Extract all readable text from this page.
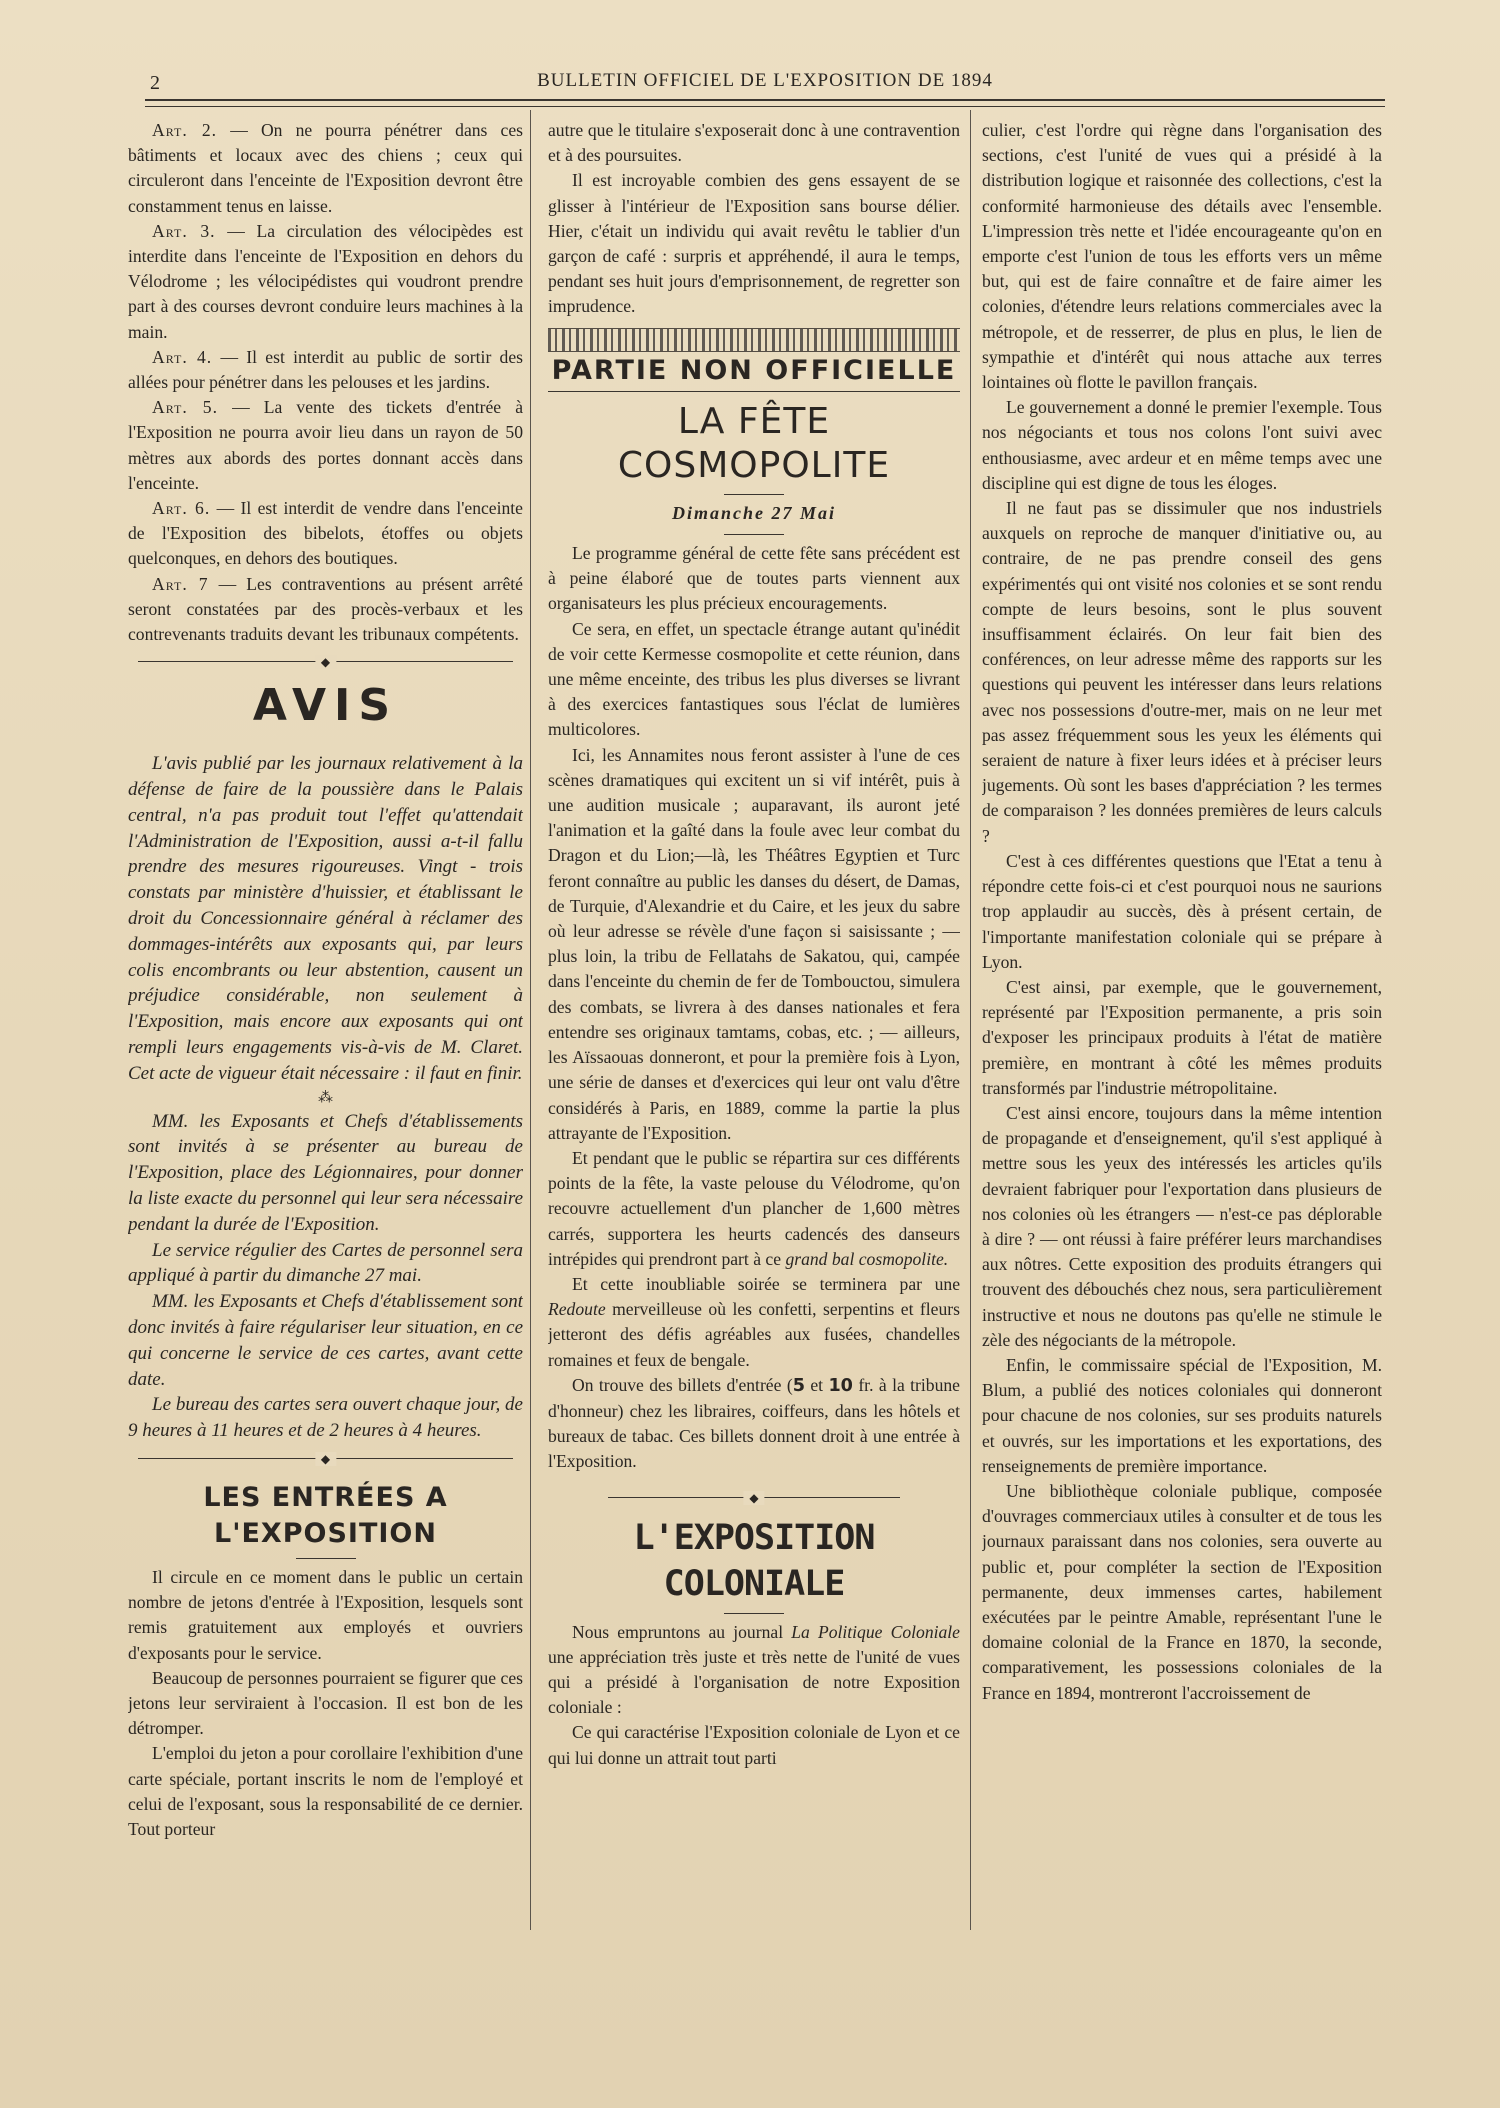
2	BULLETIN OFFICIEL DE L'EXPOSITION DE 1894

Art. 2. — On ne pourra pénétrer dans ces bâtiments et locaux avec des chiens ; ceux qui circuleront dans l'enceinte de l'Exposition devront être constamment tenus en laisse.

Art. 3. — La circulation des vélocipèdes est interdite dans l'enceinte de l'Exposition en dehors du Vélodrome ; les vélocipédistes qui voudront prendre part à des courses devront conduire leurs machines à la main.

Art. 4. — Il est interdit au public de sortir des allées pour pénétrer dans les pelouses et les jardins.

Art. 5. — La vente des tickets d'entrée à l'Exposition ne pourra avoir lieu dans un rayon de 50 mètres aux abords des portes donnant accès dans l'enceinte.

Art. 6. — Il est interdit de vendre dans l'enceinte de l'Exposition des bibelots, étoffes ou objets quelconques, en dehors des boutiques.

Art. 7 — Les contraventions au présent arrêté seront constatées par des procès-verbaux et les contrevenants traduits devant les tribunaux compétents.

◆
AVIS

L'avis publié par les journaux relativement à la défense de faire de la poussière dans le Palais central, n'a pas produit tout l'effet qu'attendait l'Administration de l'Exposition, aussi a-t-il fallu prendre des mesures rigoureuses. Vingt - trois constats par ministère d'huissier, et établissant le droit du Concessionnaire général à réclamer des dommages-intérêts aux exposants qui, par leurs colis encombrants ou leur abstention, causent un préjudice considérable, non seulement à l'Exposition, mais encore aux exposants qui ont rempli leurs engagements vis-à-vis de M. Claret. Cet acte de vigueur était nécessaire : il faut en finir.

⁂

MM. les Exposants et Chefs d'établissements sont invités à se présenter au bureau de l'Exposition, place des Légionnaires, pour donner la liste exacte du personnel qui leur sera nécessaire pendant la durée de l'Exposition.

Le service régulier des Cartes de personnel sera appliqué à partir du dimanche 27 mai.

MM. les Exposants et Chefs d'établissement sont donc invités à faire régulariser leur situation, en ce qui concerne le service de ces cartes, avant cette date.

Le bureau des cartes sera ouvert chaque jour, de 9 heures à 11 heures et de 2 heures à 4 heures.

◆
LES ENTRÉES A L'EXPOSITION

Il circule en ce moment dans le public un certain nombre de jetons d'entrée à l'Exposition, lesquels sont remis gratuitement aux employés et ouvriers d'exposants pour le service.

Beaucoup de personnes pourraient se figurer que ces jetons leur serviraient à l'occasion. Il est bon de les détromper.

L'emploi du jeton a pour corollaire l'exhibition d'une carte spéciale, portant inscrits le nom de l'employé et celui de l'exposant, sous la responsabilité de ce dernier. Tout porteur

autre que le titulaire s'exposerait donc à une contravention et à des poursuites.

Il est incroyable combien des gens essayent de se glisser à l'intérieur de l'Exposition sans bourse délier. Hier, c'était un individu qui avait revêtu le tablier d'un garçon de café : surpris et appréhendé, il aura le temps, pendant ses huit jours d'emprisonnement, de regretter son imprudence.

PARTIE NON OFFICIELLE
LA FÊTE COSMOPOLITE
Dimanche 27 Mai

Le programme général de cette fête sans précédent est à peine élaboré que de toutes parts viennent aux organisateurs les plus précieux encouragements.

Ce sera, en effet, un spectacle étrange autant qu'inédit de voir cette Kermesse cosmopolite et cette réunion, dans une même enceinte, des tribus les plus diverses se livrant à des exercices fantastiques sous l'éclat de lumières multicolores.

Ici, les Annamites nous feront assister à l'une de ces scènes dramatiques qui excitent un si vif intérêt, puis à une audition musicale ; auparavant, ils auront jeté l'animation et la gaîté dans la foule avec leur combat du Dragon et du Lion;—là, les Théâtres Egyptien et Turc feront connaître au public les danses du désert, de Damas, de Turquie, d'Alexandrie et du Caire, et les jeux du sabre où leur adresse se révèle d'une façon si saisissante ; — plus loin, la tribu de Fellatahs de Sakatou, qui, campée dans l'enceinte du chemin de fer de Tombouctou, simulera des combats, se livrera à des danses nationales et fera entendre ses originaux tamtams, cobas, etc. ; — ailleurs, les Aïssaouas donneront, et pour la première fois à Lyon, une série de danses et d'exercices qui leur ont valu d'être considérés à Paris, en 1889, comme la partie la plus attrayante de l'Exposition.

Et pendant que le public se répartira sur ces différents points de la fête, la vaste pelouse du Vélodrome, qu'on recouvre actuellement d'un plancher de 1,600 mètres carrés, supportera les heurts cadencés des danseurs intrépides qui prendront part à ce grand bal cosmopolite.

Et cette inoubliable soirée se terminera par une Redoute merveilleuse où les confetti, serpentins et fleurs jetteront des défis agréables aux fusées, chandelles romaines et feux de bengale.

On trouve des billets d'entrée (5 et 10 fr. à la tribune d'honneur) chez les libraires, coiffeurs, dans les hôtels et bureaux de tabac. Ces billets donnent droit à une entrée à l'Exposition.

◆
L'EXPOSITION COLONIALE

Nous empruntons au journal La Politique Coloniale une appréciation très juste et très nette de l'unité de vues qui a présidé à l'organisation de notre Exposition coloniale :

Ce qui caractérise l'Exposition coloniale de Lyon et ce qui lui donne un attrait tout parti

culier, c'est l'ordre qui règne dans l'organisation des sections, c'est l'unité de vues qui a présidé à la distribution logique et raisonnée des collections, c'est la conformité harmonieuse des détails avec l'ensemble. L'impression très nette et l'idée encourageante qu'on en emporte c'est l'union de tous les efforts vers un même but, qui est de faire connaître et de faire aimer les colonies, d'étendre leurs relations commerciales avec la métropole, et de resserrer, de plus en plus, le lien de sympathie et d'intérêt qui nous attache aux terres lointaines où flotte le pavillon français.

Le gouvernement a donné le premier l'exemple. Tous nos négociants et tous nos colons l'ont suivi avec enthousiasme, avec ardeur et en même temps avec une discipline qui est digne de tous les éloges.

Il ne faut pas se dissimuler que nos industriels auxquels on reproche de manquer d'initiative ou, au contraire, de ne pas prendre conseil des gens expérimentés qui ont visité nos colonies et se sont rendu compte de leurs besoins, sont le plus souvent insuffisamment éclairés. On leur fait bien des conférences, on leur adresse même des rapports sur les questions qui peuvent les intéresser dans leurs relations avec nos possessions d'outre-mer, mais on ne leur met pas assez fréquemment sous les yeux les éléments qui seraient de nature à fixer leurs idées et à préciser leurs jugements. Où sont les bases d'appréciation ? les termes de comparaison ? les données premières de leurs calculs ?

C'est à ces différentes questions que l'Etat a tenu à répondre cette fois-ci et c'est pourquoi nous ne saurions trop applaudir au succès, dès à présent certain, de l'importante manifestation coloniale qui se prépare à Lyon.

C'est ainsi, par exemple, que le gouvernement, représenté par l'Exposition permanente, a pris soin d'exposer les principaux produits à l'état de matière première, en montrant à côté les mêmes produits transformés par l'industrie métropolitaine.

C'est ainsi encore, toujours dans la même intention de propagande et d'enseignement, qu'il s'est appliqué à mettre sous les yeux des intéressés les articles qu'ils devraient fabriquer pour l'exportation dans plusieurs de nos colonies où les étrangers — n'est-ce pas déplorable à dire ? — ont réussi à faire préférer leurs marchandises aux nôtres. Cette exposition des produits étrangers qui trouvent des débouchés chez nous, sera particulièrement instructive et nous ne doutons pas qu'elle ne stimule le zèle des négociants de la métropole.

Enfin, le commissaire spécial de l'Exposition, M. Blum, a publié des notices coloniales qui donneront pour chacune de nos colonies, sur ses produits naturels et ouvrés, sur les importations et les exportations, des renseignements de première importance.

Une bibliothèque coloniale publique, composée d'ouvrages commerciaux utiles à consulter et de tous les journaux paraissant dans nos colonies, sera ouverte au public et, pour compléter la section de l'Exposition permanente, deux immenses cartes, habilement exécutées par le peintre Amable, représentant l'une le domaine colonial de la France en 1870, la seconde, comparativement, les possessions coloniales de la France en 1894, montreront l'accroissement de
